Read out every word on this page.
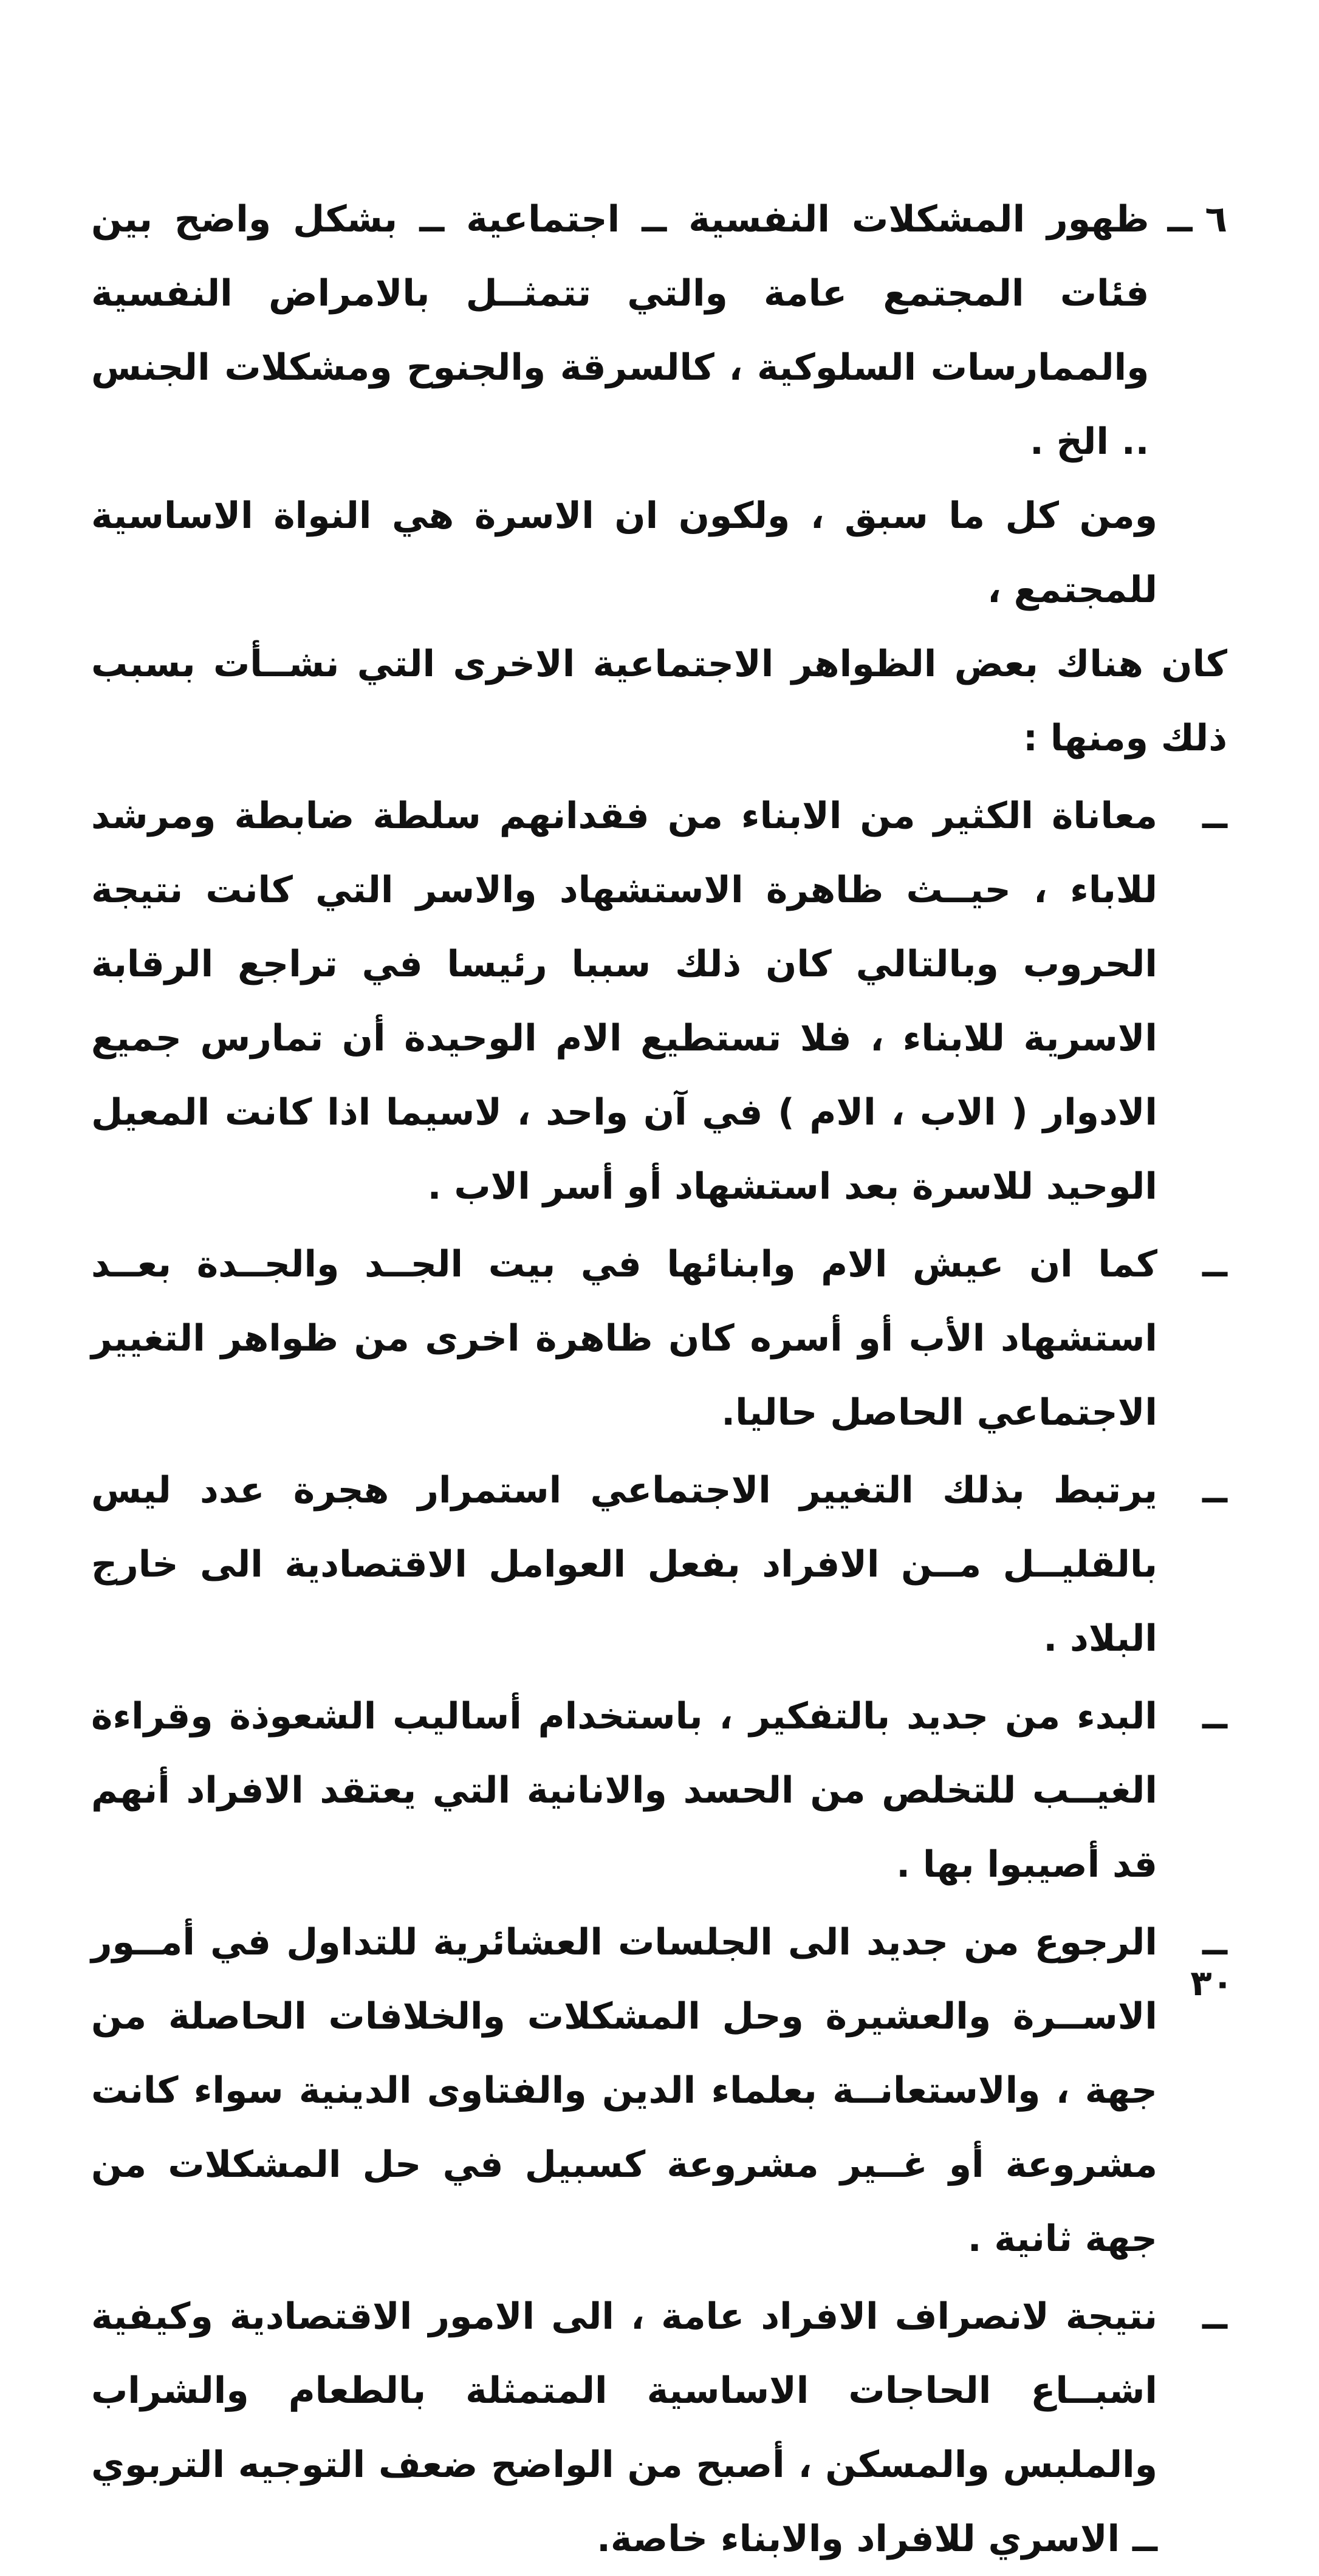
٦ ــ
ظهور المشكلات النفسية ــ اجتماعية ــ بشكل واضح بين فئات المجتمع عامة والتي تتمثــل بالامراض النفسية والممارسات السلوكية ، كالسرقة والجنوح ومشكلات الجنس .. الخ .
ومن كل ما سبق ، ولكون ان الاسرة هي النواة الاساسية للمجتمع ،
كان هناك بعض الظواهر الاجتماعية الاخرى التي نشــأت بسبب ذلك ومنها :
ــ
معاناة الكثير من الابناء من فقدانهم سلطة ضابطة ومرشد للاباء ، حيــث ظاهرة الاستشهاد والاسر التي كانت نتيجة الحروب وبالتالي كان ذلك سببا رئيسا في تراجع الرقابة الاسرية للابناء ، فلا تستطيع الام الوحيدة أن تمارس جميع الادوار ( الاب ، الام ) في آن واحد ، لاسيما اذا كانت المعيل الوحيد للاسرة بعد استشهاد أو أسر الاب .
ــ
كما ان عيش الام وابنائها في بيت الجــد والجــدة بعــد استشهاد الأب أو أسره كان ظاهرة اخرى من ظواهر التغيير الاجتماعي الحاصل حاليا.
ــ
يرتبط بذلك التغيير الاجتماعي استمرار هجرة عدد ليس بالقليــل مــن الافراد بفعل العوامل الاقتصادية الى خارج البلاد .
ــ
البدء من جديد بالتفكير ، باستخدام أساليب الشعوذة وقراءة الغيــب للتخلص من الحسد والانانية التي يعتقد الافراد أنهم قد أصيبوا بها .
ــ
الرجوع من جديد الى الجلسات العشائرية للتداول في أمــور الاســرة والعشيرة وحل المشكلات والخلافات الحاصلة من جهة ، والاستعانــة بعلماء الدين والفتاوى الدينية سواء كانت مشروعة أو غــير مشروعة كسبيل في حل المشكلات من جهة ثانية .
ــ
نتيجة لانصراف الافراد عامة ، الى الامور الاقتصادية وكيفية اشبــاع الحاجات الاساسية المتمثلة بالطعام والشراب والملبس والمسكن ، أصبح من الواضح ضعف التوجيه التربوي ــ الاسري للافراد والابناء خاصة.
٣٠
